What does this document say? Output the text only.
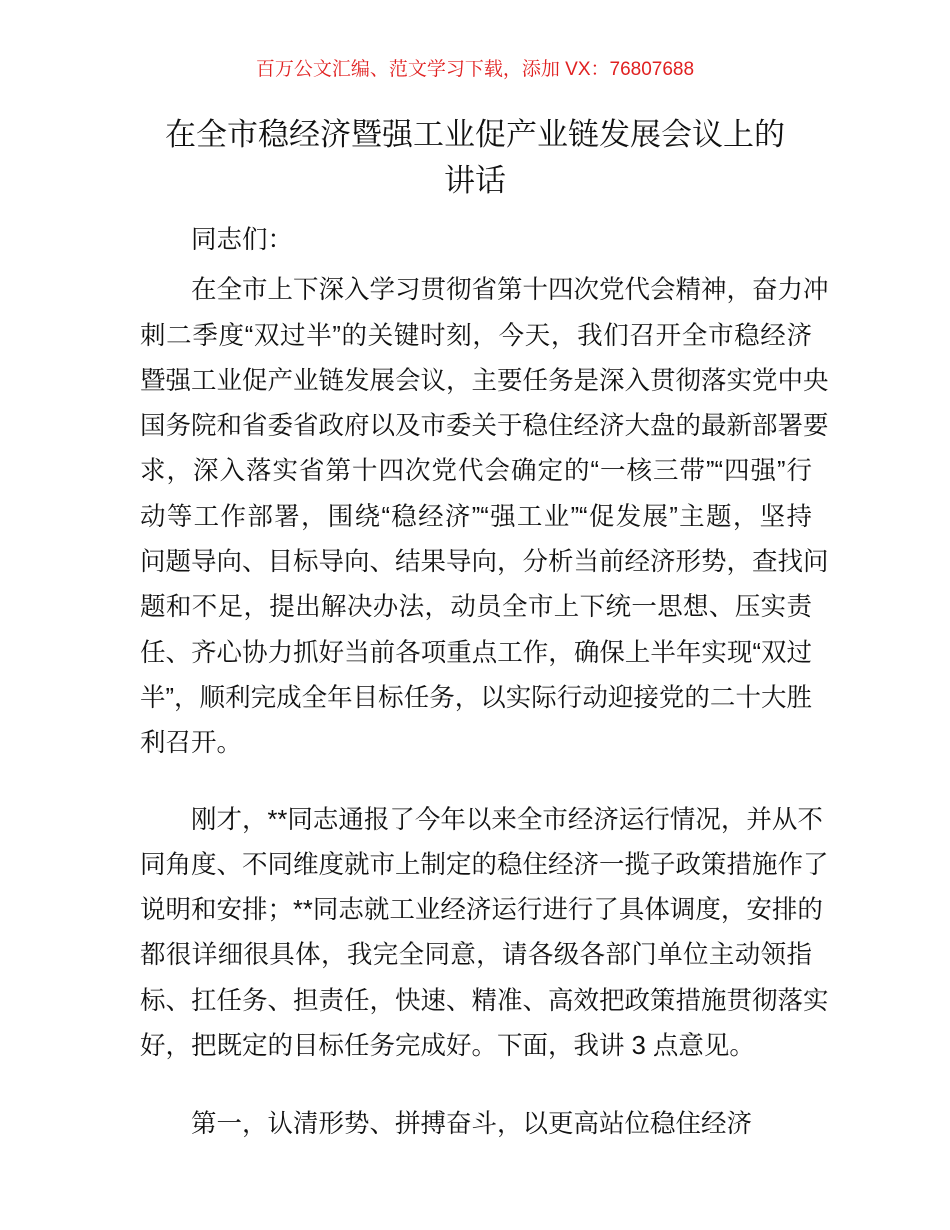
百万公文汇编、范文学习下载，添加 VX：76807688
在全市稳经济暨强工业促产业链发展会议上的
讲话
同志们：
在全市上下深入学习贯彻省第十四次党代会精神，奋力冲
刺二季度“双过半”的关键时刻，今天，我们召开全市稳经济
暨强工业促产业链发展会议，主要任务是深入贯彻落实党中央
国务院和省委省政府以及市委关于稳住经济大盘的最新部署要
求，深入落实省第十四次党代会确定的“一核三带”“四强”行
动等工作部署，围绕“稳经济”“强工业”“促发展”主题，坚持
问题导向、目标导向、结果导向，分析当前经济形势，查找问
题和不足，提出解决办法，动员全市上下统一思想、压实责
任、齐心协力抓好当前各项重点工作，确保上半年实现“双过
半”，顺利完成全年目标任务，以实际行动迎接党的二十大胜
利召开。
刚才，**同志通报了今年以来全市经济运行情况，并从不
同角度、不同维度就市上制定的稳住经济一揽子政策措施作了
说明和安排；**同志就工业经济运行进行了具体调度，安排的
都很详细很具体，我完全同意，请各级各部门单位主动领指
标、扛任务、担责任，快速、精准、高效把政策措施贯彻落实
好，把既定的目标任务完成好。下面，我讲 3 点意见。
第一，认清形势、拼搏奋斗，以更高站位稳住经济
